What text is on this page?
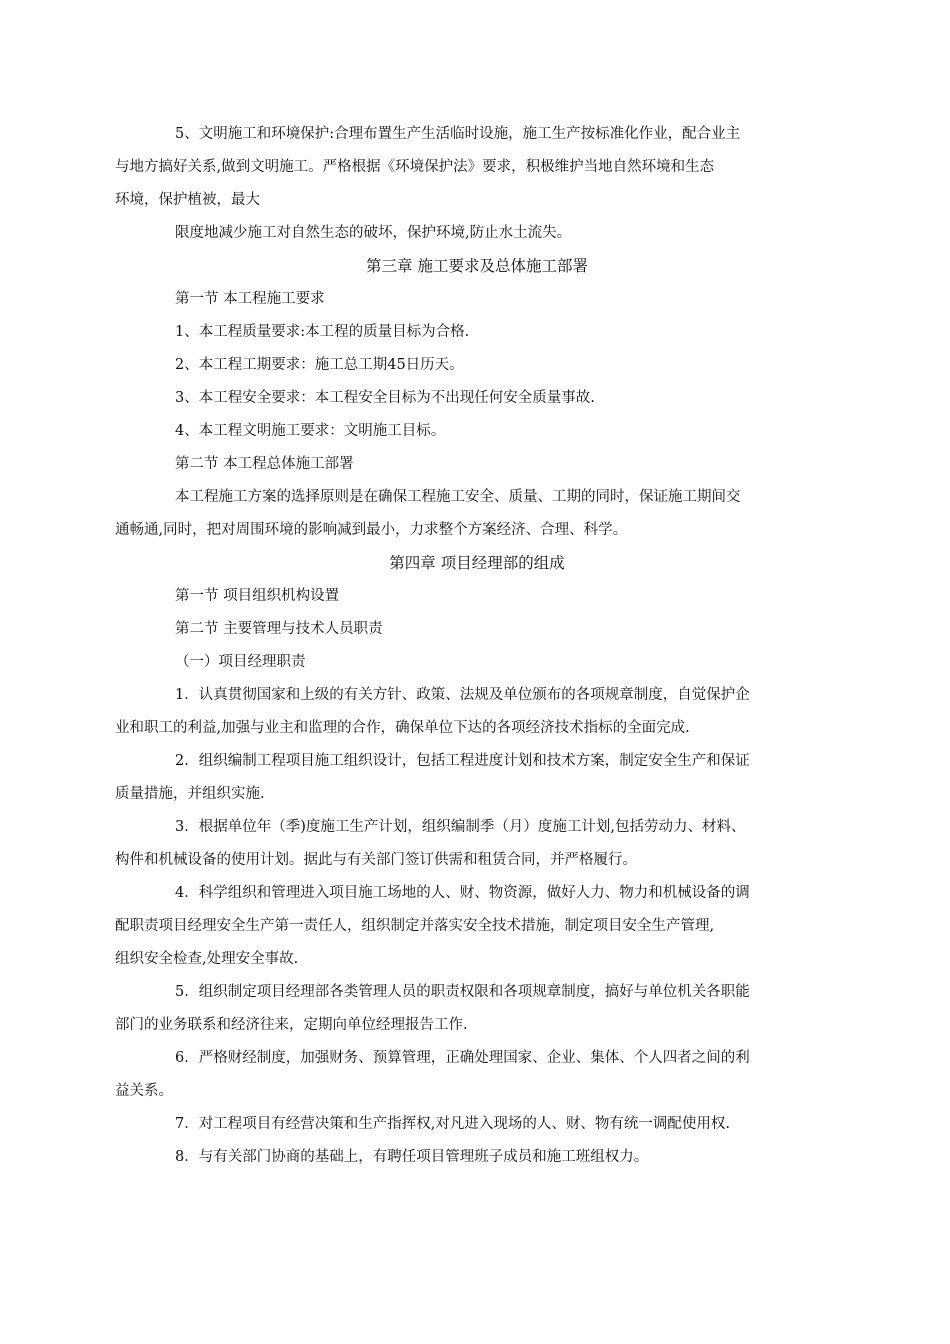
5、文明施工和环境保护:合理布置生产生活临时设施，施工生产按标准化作业，配合业主
与地方搞好关系,做到文明施工。严格根据《环境保护法》要求，积极维护当地自然环境和生态
环境，保护植被，最大

限度地减少施工对自然生态的破坏，保护环境,防止水土流失。

第三章 施工要求及总体施工部署

第一节 本工程施工要求

1、本工程质量要求:本工程的质量目标为合格.

2、本工程工期要求：施工总工期45日历天。

3、本工程安全要求：本工程安全目标为不出现任何安全质量事故.

4、本工程文明施工要求：文明施工目标。

第二节 本工程总体施工部署

本工程施工方案的选择原则是在确保工程施工安全、质量、工期的同时，保证施工期间交
通畅通,同时，把对周围环境的影响减到最小，力求整个方案经济、合理、科学。

第四章 项目经理部的组成

第一节 项目组织机构设置

第二节 主要管理与技术人员职责

（一）项目经理职责

1．认真贯彻国家和上级的有关方针、政策、法规及单位颁布的各项规章制度，自觉保护企
业和职工的利益,加强与业主和监理的合作，确保单位下达的各项经济技术指标的全面完成.

2．组织编制工程项目施工组织设计，包括工程进度计划和技术方案，制定安全生产和保证
质量措施，并组织实施.

3．根据单位年（季)度施工生产计划，组织编制季（月）度施工计划,包括劳动力、材料、
构件和机械设备的使用计划。据此与有关部门签订供需和租赁合同，并严格履行。

4．科学组织和管理进入项目施工场地的人、财、物资源，做好人力、物力和机械设备的调
配职责项目经理安全生产第一责任人，组织制定并落实安全技术措施，制定项目安全生产管理,
组织安全检查,处理安全事故.

5．组织制定项目经理部各类管理人员的职责权限和各项规章制度，搞好与单位机关各职能
部门的业务联系和经济往来，定期向单位经理报告工作.

6．严格财经制度，加强财务、预算管理，正确处理国家、企业、集体、个人四者之间的利
益关系。

7．对工程项目有经营决策和生产指挥权,对凡进入现场的人、财、物有统一调配使用权.

8．与有关部门协商的基础上，有聘任项目管理班子成员和施工班组权力。
